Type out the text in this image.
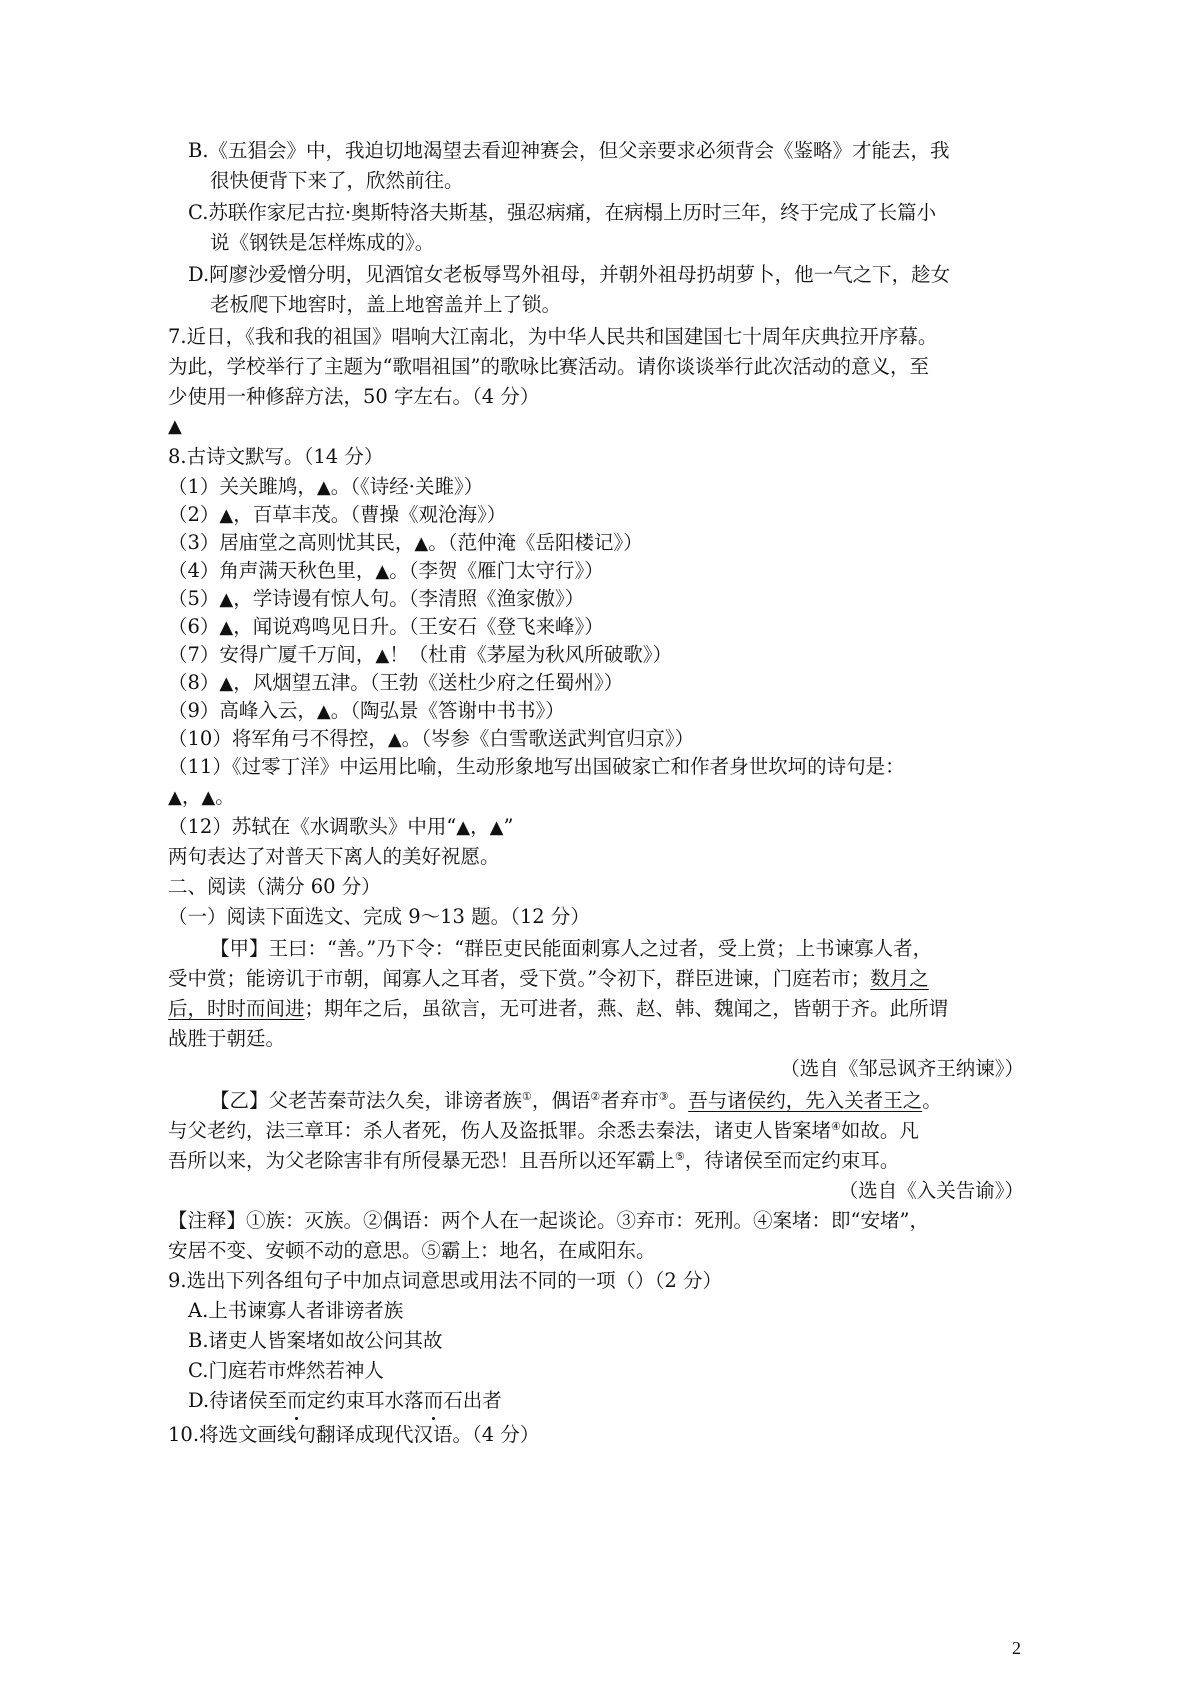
B.《五猖会》中，我迫切地渴望去看迎神赛会，但父亲要求必须背会《鉴略》才能去，我
很快便背下来了，欣然前往。
C.苏联作家尼古拉·奥斯特洛夫斯基，强忍病痛，在病榻上历时三年，终于完成了长篇小
说《钢铁是怎样炼成的》。
D.阿廖沙爱憎分明，见酒馆女老板辱骂外祖母，并朝外祖母扔胡萝卜，他一气之下，趁女
老板爬下地窖时，盖上地窖盖并上了锁。
7.近日，《我和我的祖国》唱响大江南北，为中华人民共和国建国七十周年庆典拉开序幕。
为此，学校举行了主题为“歌唱祖国”的歌咏比赛活动。请你谈谈举行此次活动的意义，至
少使用一种修辞方法，50 字左右。（4 分）
▲
8.古诗文默写。（14 分）
（1）关关雎鸠，▲。（《诗经·关雎》）
（2）▲，百草丰茂。（曹操《观沧海》）
（3）居庙堂之高则忧其民，▲。（范仲淹《岳阳楼记》）
（4）角声满天秋色里，▲。（李贺《雁门太守行》）
（5）▲，学诗谩有惊人句。（李清照《渔家傲》）
（6）▲，闻说鸡鸣见日升。（王安石《登飞来峰》）
（7）安得广厦千万间，▲！（杜甫《茅屋为秋风所破歌》）
（8）▲，风烟望五津。（王勃《送杜少府之任蜀州》）
（9）高峰入云，▲。（陶弘景《答谢中书书》）
（10）将军角弓不得控，▲。（岑参《白雪歌送武判官归京》）
（11）《过零丁洋》中运用比喻，生动形象地写出国破家亡和作者身世坎坷的诗句是：
▲，▲。
（12）苏轼在《水调歌头》中用“▲，▲”
两句表达了对普天下离人的美好祝愿。
二、阅读（满分 60 分）
（一）阅读下面选文、完成 9～13 题。（12 分）
【甲】王曰：“善。”乃下令：“群臣吏民能面刺寡人之过者，受上赏；上书谏寡人者，
受中赏；能谤讥于市朝，闻寡人之耳者，受下赏。”令初下，群臣进谏，门庭若市；数月之
后，时时而间进；期年之后，虽欲言，无可进者，燕、赵、韩、魏闻之，皆朝于齐。此所谓
战胜于朝廷。
（选自《邹忌讽齐王纳谏》）
【乙】父老苦秦苛法久矣，诽谤者族①，偶语②者弃市③。吾与诸侯约，先入关者王之。
与父老约，法三章耳：杀人者死，伤人及盗抵罪。余悉去秦法，诸吏人皆案堵④如故。凡
吾所以来，为父老除害非有所侵暴无恐！且吾所以还军霸上⑤，待诸侯至而定约束耳。
（选自《入关告谕》）
【注释】①族：灭族。②偶语：两个人在一起谈论。③弃市：死刑。④案堵：即“安堵”，
安居不变、安顿不动的意思。⑤霸上：地名，在咸阳东。
9.选出下列各组句子中加点词意思或用法不同的一项（）（2 分）
A.上书谏寡人者诽谤者族
B.诸吏人皆案堵如故公问其故
C.门庭若市烨然若神人
D.待诸侯至而定约束耳水落而石出者
10.将选文画线句翻译成现代汉语。（4 分）
2
